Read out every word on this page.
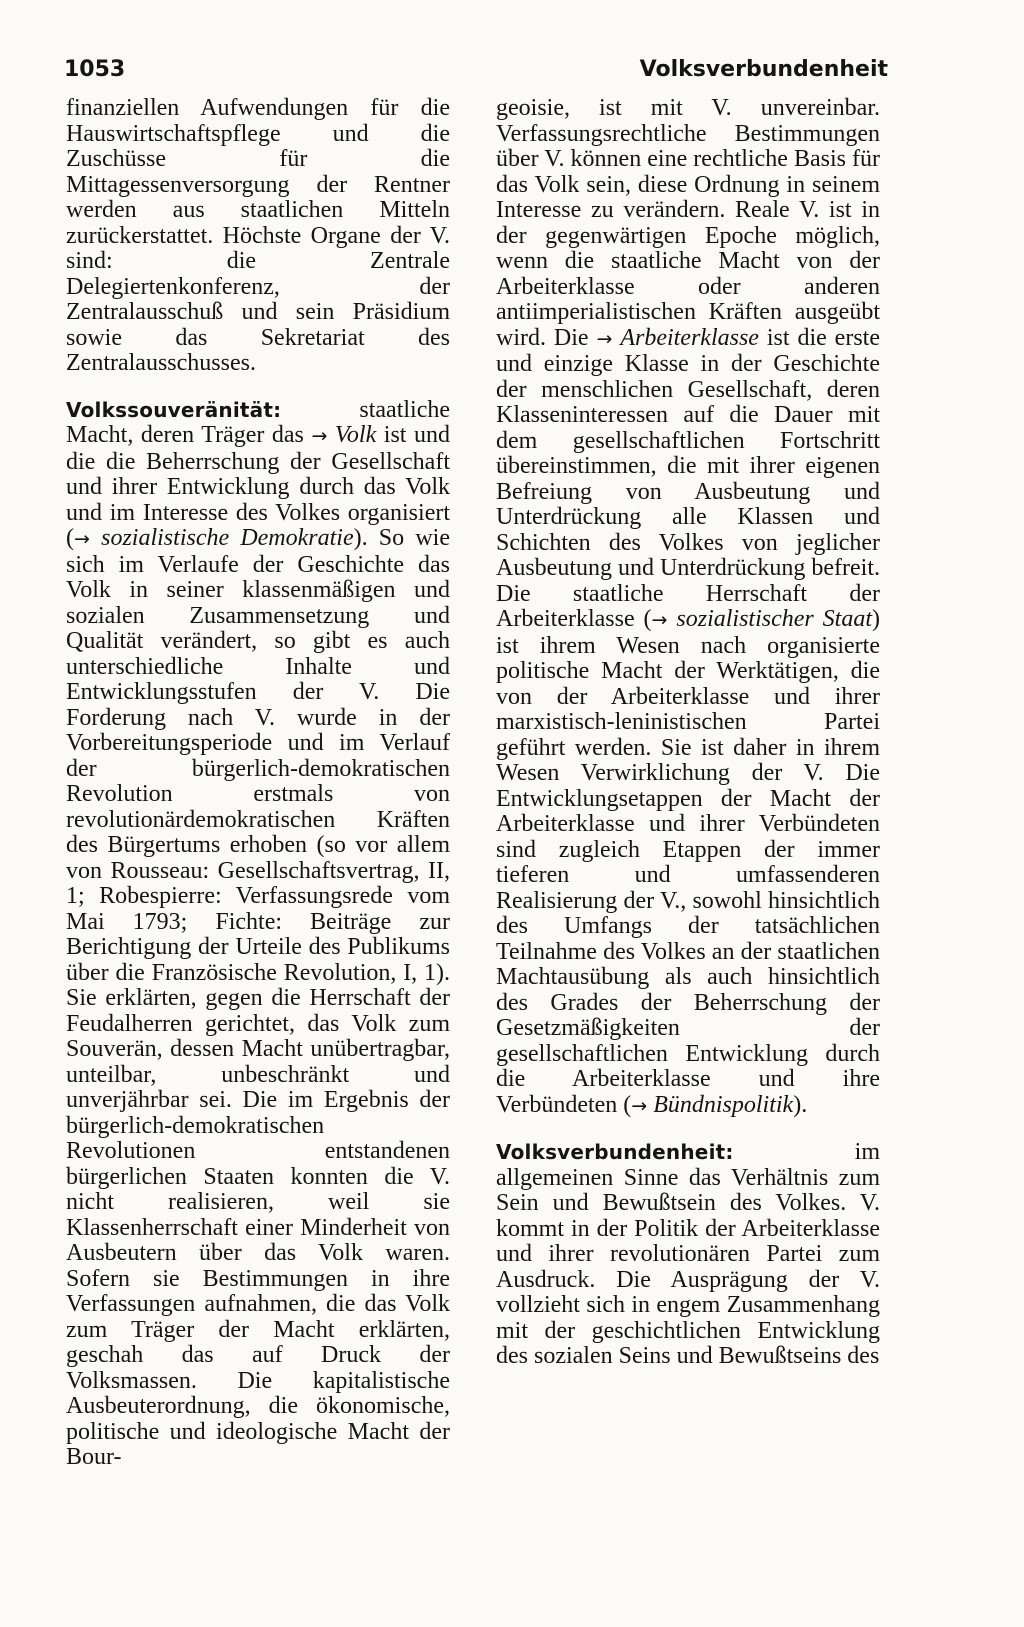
1053	Volksverbundenheit

finanziellen Aufwendungen für die Hauswirtschaftspflege und die Zuschüsse für die Mittagessenversorgung der Rentner werden aus staatlichen Mitteln zurückerstattet. Höchste Organe der V. sind: die Zentrale Delegiertenkonferenz, der Zentralausschuß und sein Präsidium sowie das Sekretariat des Zentralausschusses.

Volkssouveränität: staatliche Macht, deren Träger das → Volk ist und die die Beherrschung der Gesellschaft und ihrer Entwicklung durch das Volk und im Interesse des Volkes organisiert (→ sozialistische Demokratie). So wie sich im Verlaufe der Geschichte das Volk in seiner klassenmäßigen und sozialen Zusammensetzung und Qualität verändert, so gibt es auch unterschiedliche Inhalte und Entwicklungsstufen der V. Die Forderung nach V. wurde in der Vorbereitungsperiode und im Verlauf der bürgerlich-demokratischen Revolution erstmals von revolutionärdemokratischen Kräften des Bürgertums erhoben (so vor allem von Rousseau: Gesellschaftsvertrag, II, 1; Robespierre: Verfassungsrede vom Mai 1793; Fichte: Beiträge zur Berichtigung der Urteile des Publikums über die Französische Revolution, I, 1). Sie erklärten, gegen die Herrschaft der Feudalherren gerichtet, das Volk zum Souverän, dessen Macht unübertragbar, unteilbar, unbeschränkt und unverjährbar sei. Die im Ergebnis der bürgerlich-demokratischen Revolutionen entstandenen bürgerlichen Staaten konnten die V. nicht realisieren, weil sie Klassenherrschaft einer Minderheit von Ausbeutern über das Volk waren. Sofern sie Bestimmungen in ihre Verfassungen aufnahmen, die das Volk zum Träger der Macht erklärten, geschah das auf Druck der Volksmassen. Die kapitalistische Ausbeuterordnung, die ökonomische, politische und ideologische Macht der Bour-

geoisie, ist mit V. unvereinbar. Verfassungsrechtliche Bestimmungen über V. können eine rechtliche Basis für das Volk sein, diese Ordnung in seinem Interesse zu verändern. Reale V. ist in der gegenwärtigen Epoche möglich, wenn die staatliche Macht von der Arbeiterklasse oder anderen antiimperialistischen Kräften ausgeübt wird. Die → Arbeiterklasse ist die erste und einzige Klasse in der Geschichte der menschlichen Gesellschaft, deren Klasseninteressen auf die Dauer mit dem gesellschaftlichen Fortschritt übereinstimmen, die mit ihrer eigenen Befreiung von Ausbeutung und Unterdrückung alle Klassen und Schichten des Volkes von jeglicher Ausbeutung und Unterdrückung befreit. Die staatliche Herrschaft der Arbeiterklasse (→ sozialistischer Staat) ist ihrem Wesen nach organisierte politische Macht der Werktätigen, die von der Arbeiterklasse und ihrer marxistisch-leninistischen Partei geführt werden. Sie ist daher in ihrem Wesen Verwirklichung der V. Die Entwicklungsetappen der Macht der Arbeiterklasse und ihrer Verbündeten sind zugleich Etappen der immer tieferen und umfassenderen Realisierung der V., sowohl hinsichtlich des Umfangs der tatsächlichen Teilnahme des Volkes an der staatlichen Machtausübung als auch hinsichtlich des Grades der Beherrschung der Gesetzmäßigkeiten der gesellschaftlichen Entwicklung durch die Arbeiterklasse und ihre Verbündeten (→ Bündnispolitik).

Volksverbundenheit: im allgemeinen Sinne das Verhältnis zum Sein und Bewußtsein des Volkes. V. kommt in der Politik der Arbeiterklasse und ihrer revolutionären Partei zum Ausdruck. Die Ausprägung der V. vollzieht sich in engem Zusammenhang mit der geschichtlichen Entwicklung des sozialen Seins und Bewußtseins des
